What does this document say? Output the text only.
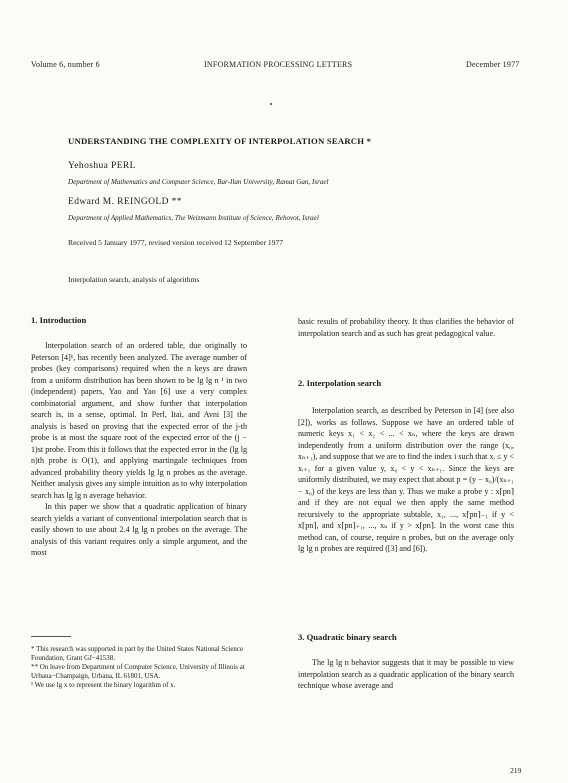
Volume 6, number 6	INFORMATION PROCESSING LETTERS	December 1977
UNDERSTANDING THE COMPLEXITY OF INTERPOLATION SEARCH *
Yehoshua PERL
Department of Mathematics and Computer Science, Bar-Ilan University, Ramat Gan, Israel
Edward M. REINGOLD **
Department of Applied Mathematics, The Weizmann Institute of Science, Rehovot, Israel
Received 5 January 1977, revised version received 12 September 1977
Interpolation search, analysis of algorithms
1. Introduction

Interpolation search of an ordered table, due originally to Peterson [4]¹, has recently been analyzed. The average number of probes (key comparisons) required when the n keys are drawn from a uniform distribution has been shown to be lg lg n ¹ in two (independent) papers, Yao and Yao [6] use a very complex combinatorial argument, and show further that interpolation search is, in a sense, optimal. In Perl, Itai, and Avni [3] the analysis is based on proving that the expected error of the j-th probe is at most the square root of the expected error of the (j − 1)st probe. From this it follows that the expected error in the (lg lg n)th probe is O(1), and applying martingale techniques from advanced probability theory yields lg lg n probes as the average. Neither analysis gives any simple intuition as to why interpolation search has lg lg n average behavior.

In this paper we show that a quadratic application of binary search yields a variant of conventional interpolation search that is easily shown to use about 2.4 lg lg n probes on the average. The analysis of this variant requires only a simple argument, and the most

* This research was supported in part by the United States National Science Foundation, Grant GJ−41538.
** On leave from Department of Computer Science, University of Illinois at Urbana−Champaign, Urbana, IL 61801, USA.
¹ We use lg x to represent the binary logarithm of x.

basic results of probability theory. It thus clarifies the behavior of interpolation search and as such has great pedagogical value.

2. Interpolation search

Interpolation search, as described by Peterson in [4] (see also [2]), works as follows. Suppose we have an ordered table of numeric keys x₁ < x₂ < ... < xₙ, where the keys are drawn independently from a uniform distribution over the range (x₀, xₙ₊₁), and suppose that we are to find the index i such that xᵢ ≤ y < xᵢ₊₁ for a given value y, x₀ < y < xₙ₊₁. Since the keys are uniformly distributed, we may expect that about p = (y − x₀)/(xₙ₊₁ − x₀) of the keys are less than y. Thus we make a probe y : x⌈pn⌉ and if they are not equal we then apply the same method recursively to the appropriate subtable, x₁, ..., x⌈pn⌉₋₁ if y < x⌈pn⌉, and x⌈pn⌉₊₁, ..., xₙ if y > x⌈pn⌉. In the worst case this method can, of course, require n probes, but on the average only lg lg n probes are required ([3] and [6]).

3. Quadratic binary search

The lg lg n behavior suggests that it may be possible to view interpolation search as a quadratic application of the binary search technique whose average and

219
